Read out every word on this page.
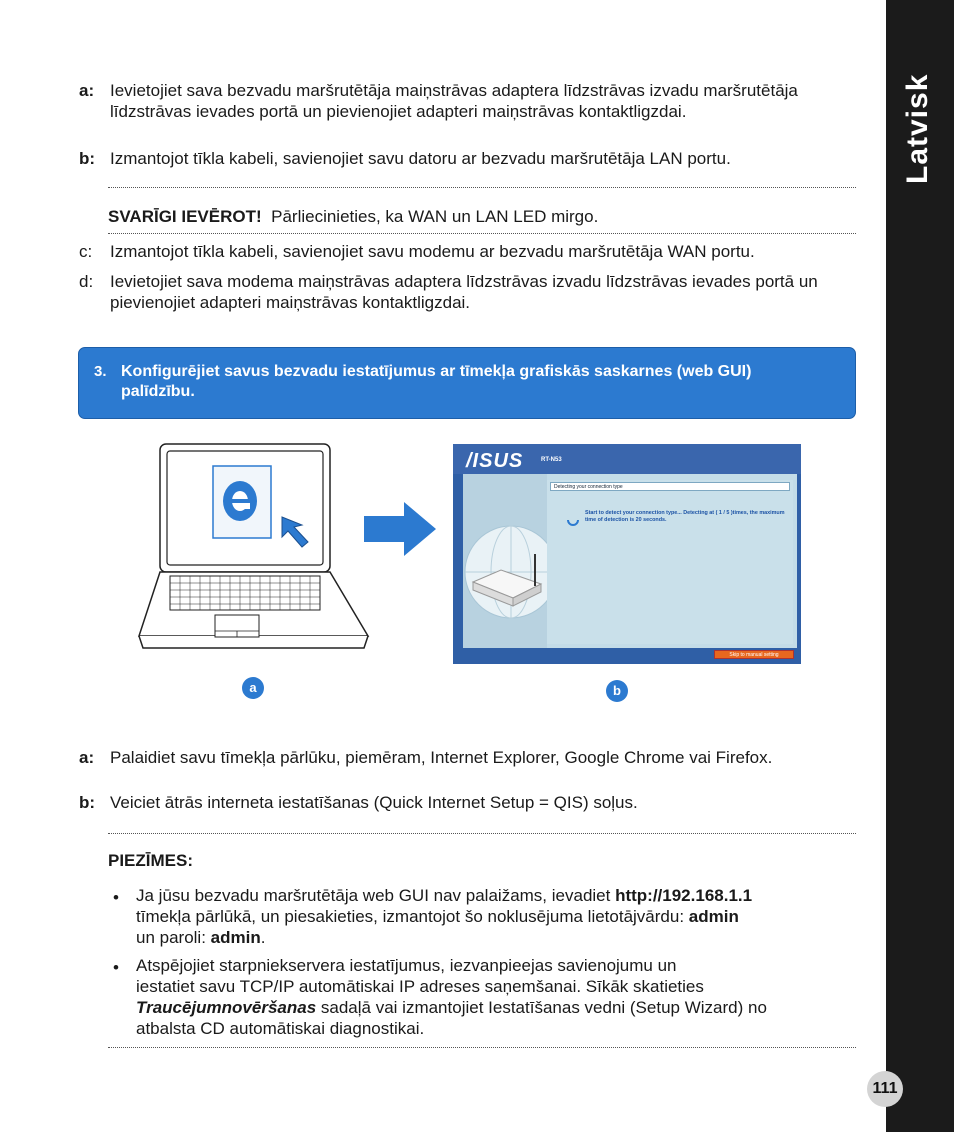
Latvisk
a: Ievietojiet sava bezvadu maršrutētāja maiņstrāvas adaptera līdzstrāvas izvadu maršrutētāja līdzstrāvas ievades portā un pievienojiet adapteri maiņstrāvas kontaktligzdai.
b: Izmantojot tīkla kabeli, savienojiet savu datoru ar bezvadu maršrutētāja LAN portu.
SVARĪGI IEVĒROT! Pārliecinieties, ka WAN un LAN LED mirgo.
c: Izmantojot tīkla kabeli, savienojiet savu modemu ar bezvadu maršrutētāja WAN portu.
d: Ievietojiet sava modema maiņstrāvas adaptera līdzstrāvas izvadu līdzstrāvas ievades portā un pievienojiet adapteri maiņstrāvas kontaktligzdai.
3. Konfigurējiet savus bezvadu iestatījumus ar tīmekļa grafiskās saskarnes (web GUI) palīdzību.
/ISUS	RT-N53
Detecting your connection type
Start to detect your connection type... Detecting at ( 1 / 5 )times, the maximum time of detection is 20 seconds.
Skip to manual setting
a	b
a: Palaidiet savu tīmekļa pārlūku, piemēram, Internet Explorer, Google Chrome vai Firefox.
b: Veiciet ātrās interneta iestatīšanas (Quick Internet Setup = QIS) soļus.
PIEZĪMES:
• Ja jūsu bezvadu maršrutētāja web GUI nav palaižams, ievadiet http://192.168.1.1
tīmekļa pārlūkā, un piesakieties, izmantojot šo noklusējuma lietotājvārdu: admin
un paroli: admin.
• Atspējojiet starpniekservera iestatījumus, iezvanpieejas savienojumu un
iestatiet savu TCP/IP automātiskai IP adreses saņemšanai. Sīkāk skatieties
Traucējumnovēršanas sadaļā vai izmantojiet Iestatīšanas vedni (Setup Wizard) no
atbalsta CD automātiskai diagnostikai.
111
